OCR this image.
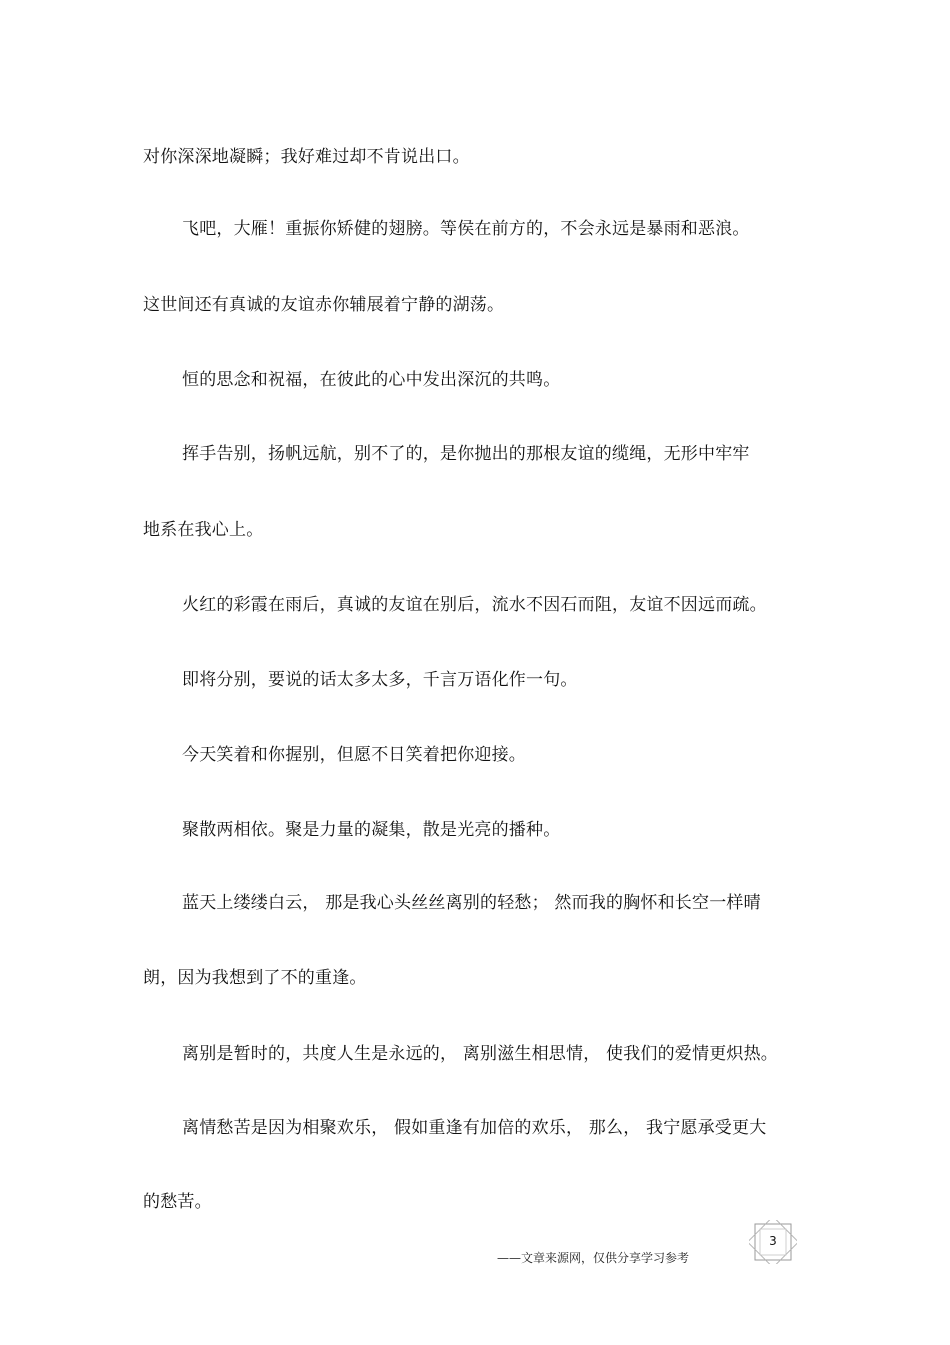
对你深深地凝瞬；我好难过却不肯说出口。
飞吧，大雁！重振你矫健的翅膀。等侯在前方的，不会永远是暴雨和恶浪。
这世间还有真诚的友谊赤你辅展着宁静的湖荡。
恒的思念和祝福，在彼此的心中发出深沉的共鸣。
挥手告别，扬帆远航，别不了的，是你抛出的那根友谊的缆绳，无形中牢牢
地系在我心上。
火红的彩霞在雨后，真诚的友谊在别后，流水不因石而阻，友谊不因远而疏。
即将分别，要说的话太多太多，千言万语化作一句。
今天笑着和你握别，但愿不日笑着把你迎接。
聚散两相依。聚是力量的凝集，散是光亮的播种。
蓝天上缕缕白云， 那是我心头丝丝离别的轻愁； 然而我的胸怀和长空一样晴
朗，因为我想到了不的重逢。
离别是暂时的，共度人生是永远的， 离别滋生相思情， 使我们的爱情更炽热。
离情愁苦是因为相聚欢乐， 假如重逢有加倍的欢乐， 那么， 我宁愿承受更大
的愁苦。
——文章来源网，仅供分享学习参考
3
